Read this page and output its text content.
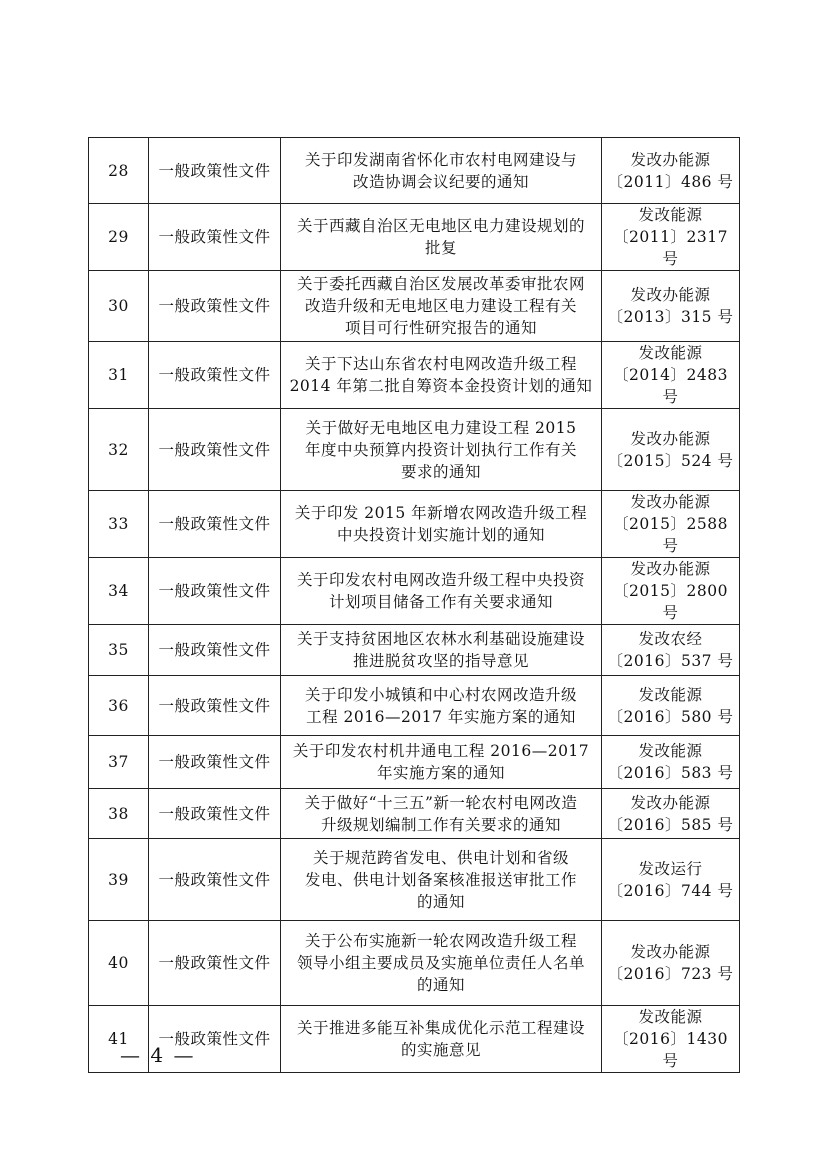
28	一般政策性文件	关于印发湖南省怀化市农村电网建设与
改造协调会议纪要的通知	发改办能源
〔2011〕486 号
29	一般政策性文件	关于西藏自治区无电地区电力建设规划的
批复	发改能源
〔2011〕2317 号
30	一般政策性文件	关于委托西藏自治区发展改革委审批农网
改造升级和无电地区电力建设工程有关
项目可行性研究报告的通知	发改办能源
〔2013〕315 号
31	一般政策性文件	关于下达山东省农村电网改造升级工程
2014 年第二批自筹资本金投资计划的通知	发改能源
〔2014〕2483 号
32	一般政策性文件	关于做好无电地区电力建设工程 2015
年度中央预算内投资计划执行工作有关
要求的通知	发改办能源
〔2015〕524 号
33	一般政策性文件	关于印发 2015 年新增农网改造升级工程
中央投资计划实施计划的通知	发改办能源
〔2015〕2588 号
34	一般政策性文件	关于印发农村电网改造升级工程中央投资
计划项目储备工作有关要求通知	发改办能源
〔2015〕2800 号
35	一般政策性文件	关于支持贫困地区农林水利基础设施建设
推进脱贫攻坚的指导意见	发改农经
〔2016〕537 号
36	一般政策性文件	关于印发小城镇和中心村农网改造升级
工程 2016—2017 年实施方案的通知	发改能源
〔2016〕580 号
37	一般政策性文件	关于印发农村机井通电工程 2016—2017
年实施方案的通知	发改能源
〔2016〕583 号
38	一般政策性文件	关于做好“十三五”新一轮农村电网改造
升级规划编制工作有关要求的通知	发改办能源
〔2016〕585 号
39	一般政策性文件	关于规范跨省发电、供电计划和省级
发电、供电计划备案核准报送审批工作
的通知	发改运行
〔2016〕744 号
40	一般政策性文件	关于公布实施新一轮农网改造升级工程
领导小组主要成员及实施单位责任人名单
的通知	发改办能源
〔2016〕723 号
41	一般政策性文件	关于推进多能互补集成优化示范工程建设
的实施意见	发改能源
〔2016〕1430 号
— 4 —
